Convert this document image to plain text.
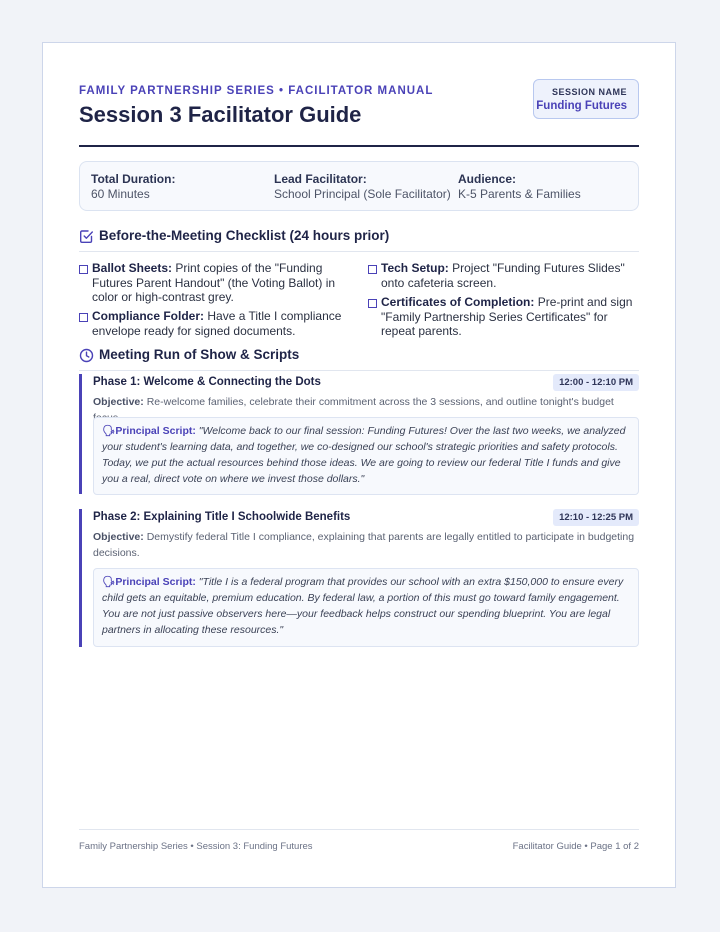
FAMILY PARTNERSHIP SERIES • FACILITATOR MANUAL
Session 3 Facilitator Guide
SESSION NAME
Funding Futures
Total Duration:
60 Minutes
Lead Facilitator:
School Principal (Sole Facilitator)
Audience:
K-5 Parents & Families
Before-the-Meeting Checklist (24 hours prior)
Ballot Sheets: Print copies of the "Funding Futures Parent Handout" (the Voting Ballot) in color or high-contrast grey.
Compliance Folder: Have a Title I compliance envelope ready for signed documents.
Tech Setup: Project "Funding Futures Slides" onto cafeteria screen.
Certificates of Completion: Pre-print and sign "Family Partnership Series Certificates" for repeat parents.
Meeting Run of Show & Scripts
Phase 1: Welcome & Connecting the Dots	12:00 - 12:10 PM
Objective: Re-welcome families, celebrate their commitment across the 3 sessions, and outline tonight's budget
🗣Principal Script: "Welcome back to our final session: Funding Futures! Over the last two weeks, we analyzed your student's learning data, and together, we co-designed our school's strategic priorities and safety protocols. Today, we put the actual resources behind those ideas. We are going to review our federal Title I funds and give you a real, direct vote on where we invest those dollars."
Phase 2: Explaining Title I Schoolwide Benefits	12:10 - 12:25 PM
Objective: Demystify federal Title I compliance, explaining that parents are legally entitled to participate in budgeting decisions.
🗣Principal Script: "Title I is a federal program that provides our school with an extra $150,000 to ensure every child gets an equitable, premium education. By federal law, a portion of this must go toward family engagement. You are not just passive observers here—your feedback helps construct our spending blueprint. You are legal partners in allocating these resources."
Family Partnership Series • Session 3: Funding Futures	Facilitator Guide • Page 1 of 2
